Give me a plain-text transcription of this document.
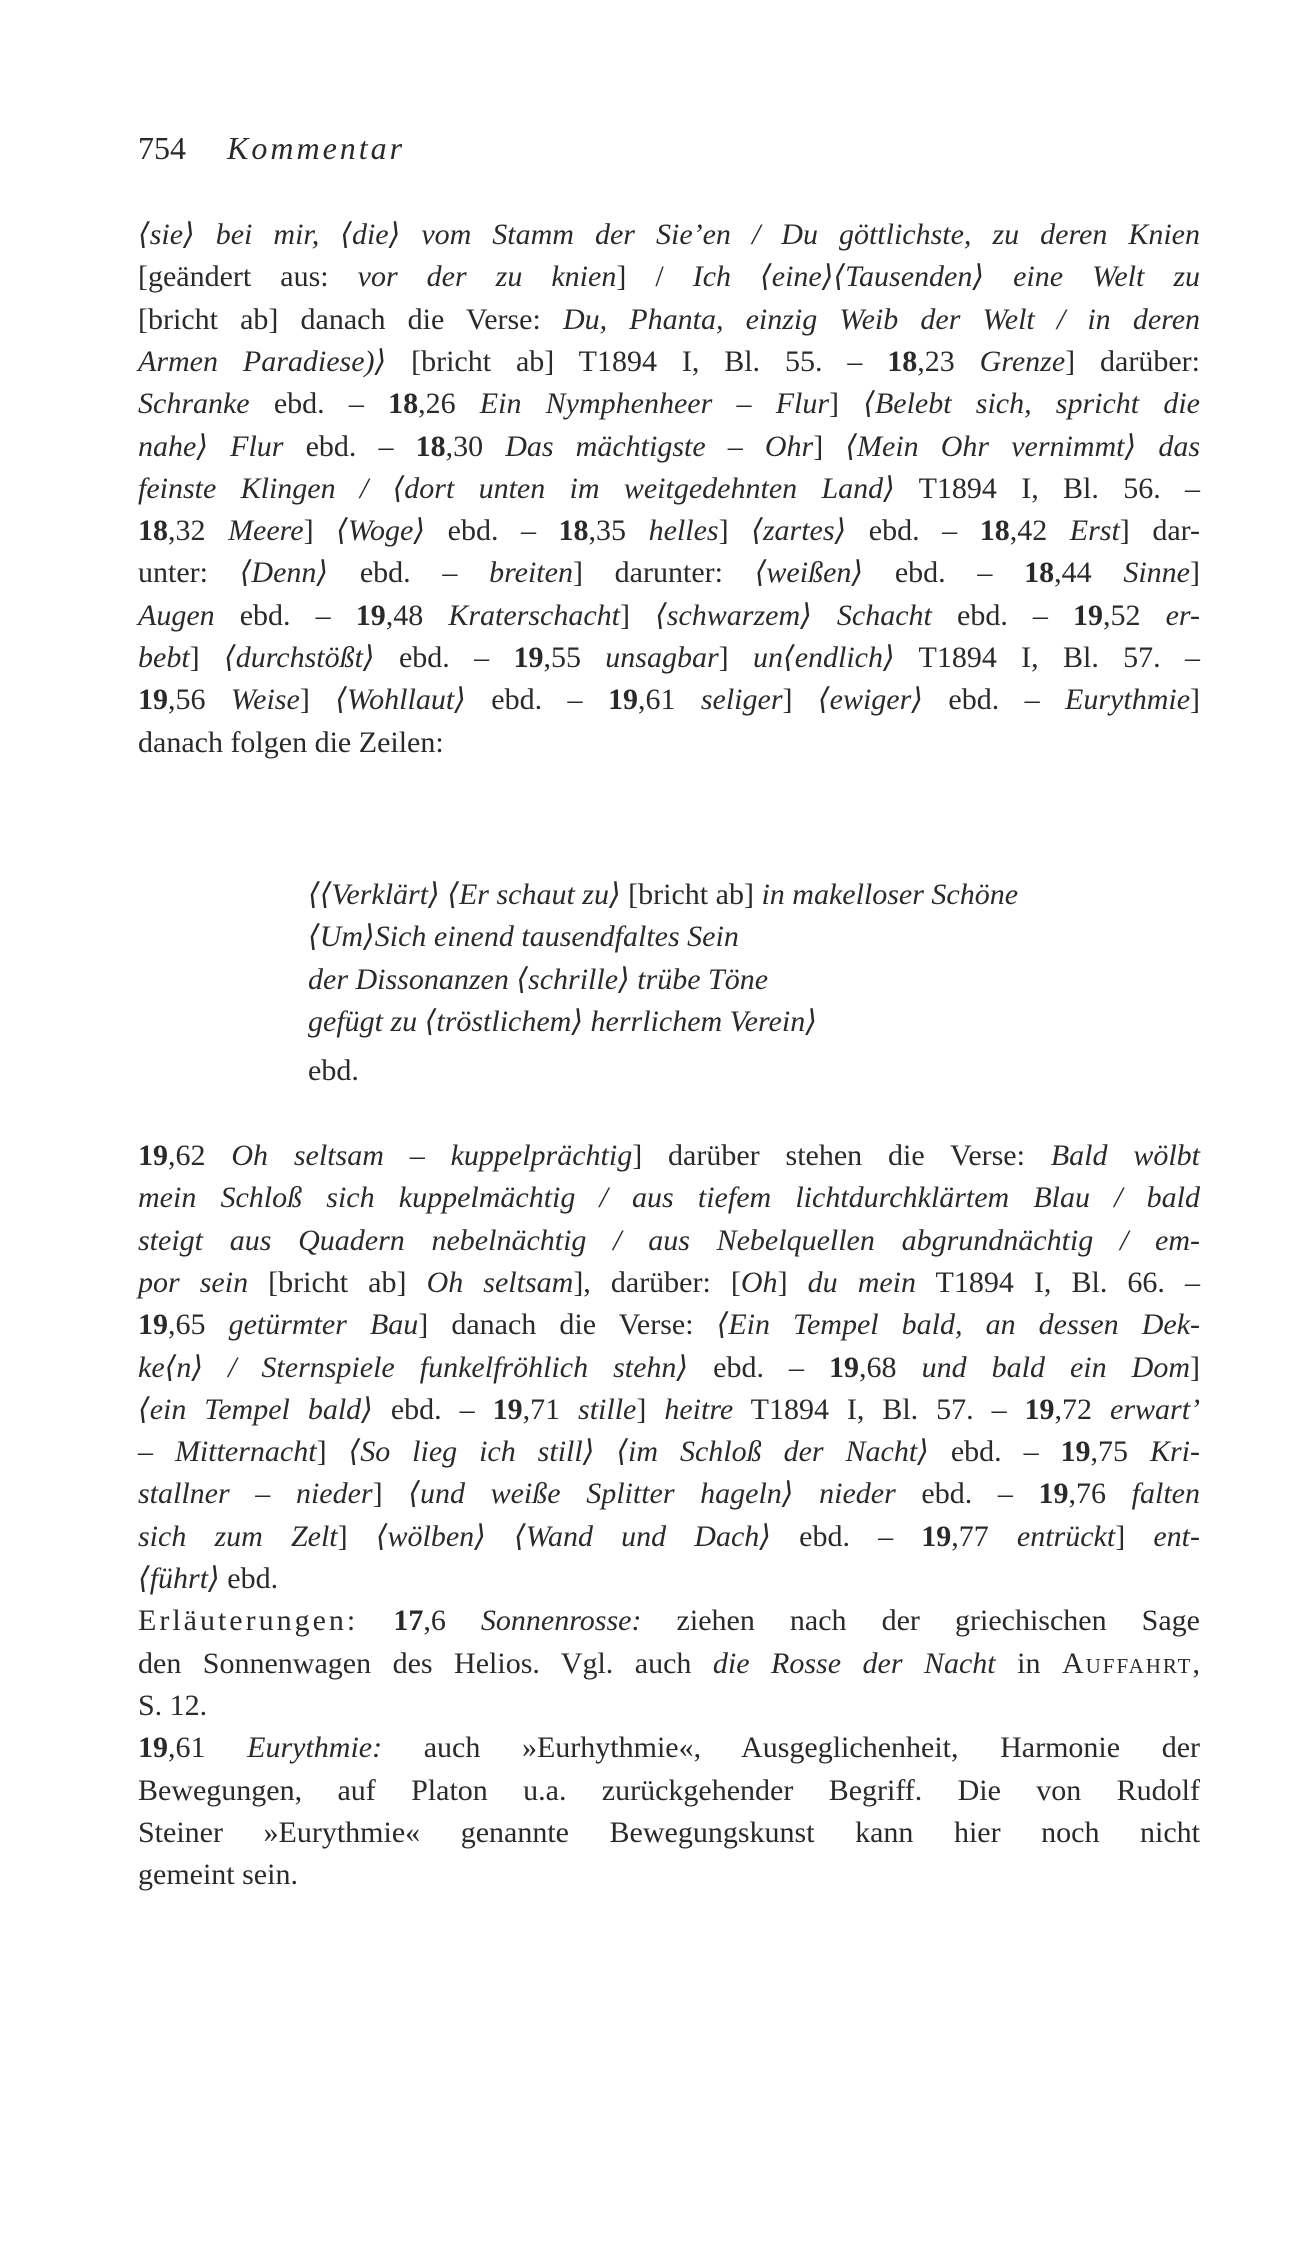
754 Kommentar
⟨sie⟩ bei mir, ⟨die⟩ vom Stamm der Sie’en / Du göttlichste, zu deren Knien
[geändert aus: vor der zu knien] / Ich ⟨eine⟩⟨Tausenden⟩ eine Welt zu
[bricht ab] danach die Verse: Du, Phanta, einzig Weib der Welt / in deren
Armen Paradiese)⟩ [bricht ab] T1894 I, Bl. 55. – 18,23 Grenze] darüber:
Schranke ebd. – 18,26 Ein Nymphenheer – Flur] ⟨Belebt sich, spricht die
nahe⟩ Flur ebd. – 18,30 Das mächtigste – Ohr] ⟨Mein Ohr vernimmt⟩ das
feinste Klingen / ⟨dort unten im weitgedehnten Land⟩ T1894 I, Bl. 56. –
18,32 Meere] ⟨Woge⟩ ebd. – 18,35 helles] ⟨zartes⟩ ebd. – 18,42 Erst] dar-
unter: ⟨Denn⟩ ebd. – breiten] darunter: ⟨weißen⟩ ebd. – 18,44 Sinne]
Augen ebd. – 19,48 Kraterschacht] ⟨schwarzem⟩ Schacht ebd. – 19,52 er-
bebt] ⟨durchstößt⟩ ebd. – 19,55 unsagbar] un⟨endlich⟩ T1894 I, Bl. 57. –
19,56 Weise] ⟨Wohllaut⟩ ebd. – 19,61 seliger] ⟨ewiger⟩ ebd. – Eurythmie]
danach folgen die Zeilen:
⟨⟨Verklärt⟩ ⟨Er schaut zu⟩ [bricht ab] in makelloser Schöne
⟨Um⟩Sich einend tausendfaltes Sein
der Dissonanzen ⟨schrille⟩ trübe Töne
gefügt zu ⟨tröstlichem⟩ herrlichem Verein⟩
ebd.
19,62 Oh seltsam – kuppelprächtig] darüber stehen die Verse: Bald wölbt
mein Schloß sich kuppelmächtig / aus tiefem lichtdurchklärtem Blau / bald
steigt aus Quadern nebelnächtig / aus Nebelquellen abgrundnächtig / em-
por sein [bricht ab] Oh seltsam], darüber: [Oh] du mein T1894 I, Bl. 66. –
19,65 getürmter Bau] danach die Verse: ⟨Ein Tempel bald, an dessen Dek-
ke⟨n⟩ / Sternspiele funkelfröhlich stehn⟩ ebd. – 19,68 und bald ein Dom]
⟨ein Tempel bald⟩ ebd. – 19,71 stille] heitre T1894 I, Bl. 57. – 19,72 erwart’
– Mitternacht] ⟨So lieg ich still⟩ ⟨im Schloß der Nacht⟩ ebd. – 19,75 Kri-
stallner – nieder] ⟨und weiße Splitter hageln⟩ nieder ebd. – 19,76 falten
sich zum Zelt] ⟨wölben⟩ ⟨Wand und Dach⟩ ebd. – 19,77 entrückt] ent-
⟨führt⟩ ebd.
Erläuterungen: 17,6 Sonnenrosse: ziehen nach der griechischen Sage
den Sonnenwagen des Helios. Vgl. auch die Rosse der Nacht in Auffahrt,
S. 12.
19,61 Eurythmie: auch »Eurhythmie«, Ausgeglichenheit, Harmonie der
Bewegungen, auf Platon u.a. zurückgehender Begriff. Die von Rudolf
Steiner »Eurythmie« genannte Bewegungskunst kann hier noch nicht
gemeint sein.
